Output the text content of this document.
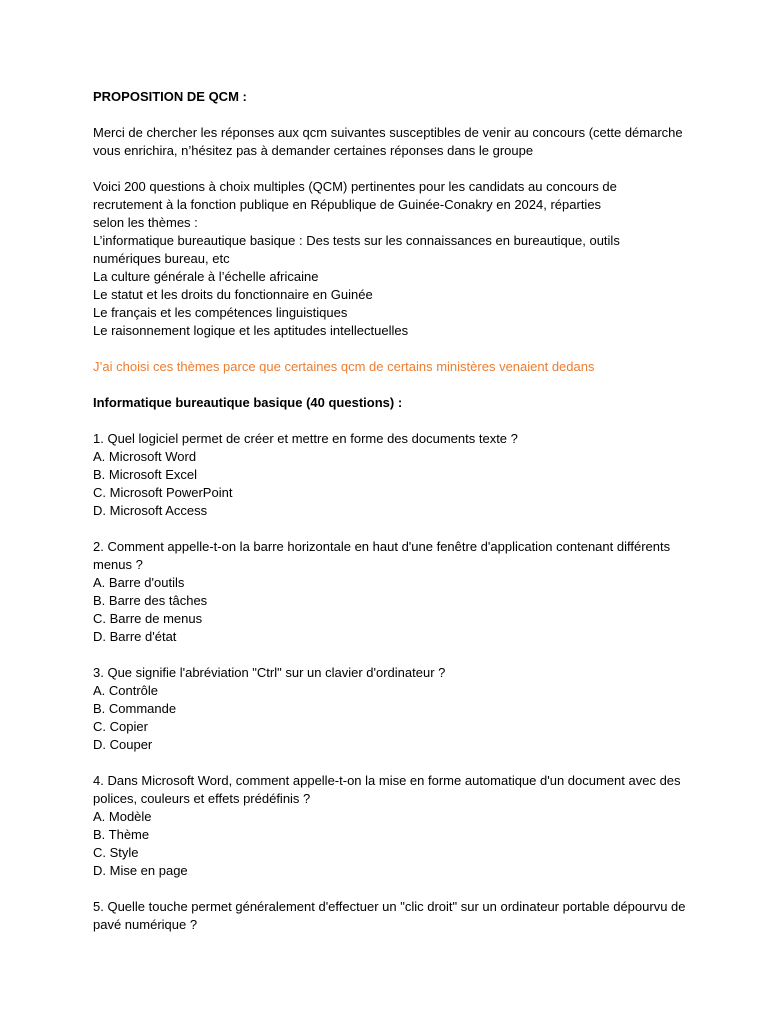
PROPOSITION DE QCM :

Merci de chercher les réponses aux qcm suivantes susceptibles de venir au concours (cette démarche vous enrichira, n’hésitez pas à demander certaines réponses dans le groupe

Voici 200 questions à choix multiples (QCM) pertinentes pour les candidats au concours de
recrutement à la fonction publique en République de Guinée-Conakry en 2024, réparties
selon les thèmes :

L’informatique bureautique basique : Des tests sur les connaissances en bureautique, outils numériques bureau, etc

La culture générale à l’échelle africaine

Le statut et les droits du fonctionnaire en Guinée

Le français et les compétences linguistiques

Le raisonnement logique et les aptitudes intellectuelles

J’ai choisi ces thèmes parce que certaines qcm de certains ministères venaient dedans

Informatique bureautique basique (40 questions) :

1. Quel logiciel permet de créer et mettre en forme des documents texte ?

A. Microsoft Word

B. Microsoft Excel

C. Microsoft PowerPoint

D. Microsoft Access

2. Comment appelle-t-on la barre horizontale en haut d'une fenêtre d'application contenant différents menus ?

A. Barre d'outils

B. Barre des tâches

C. Barre de menus

D. Barre d'état

3. Que signifie l'abréviation "Ctrl" sur un clavier d'ordinateur ?

A. Contrôle

B. Commande

C. Copier

D. Couper

4. Dans Microsoft Word, comment appelle-t-on la mise en forme automatique d'un document avec des polices, couleurs et effets prédéfinis ?

A. Modèle

B. Thème

C. Style

D. Mise en page

5. Quelle touche permet généralement d'effectuer un "clic droit" sur un ordinateur portable dépourvu de pavé numérique ?
